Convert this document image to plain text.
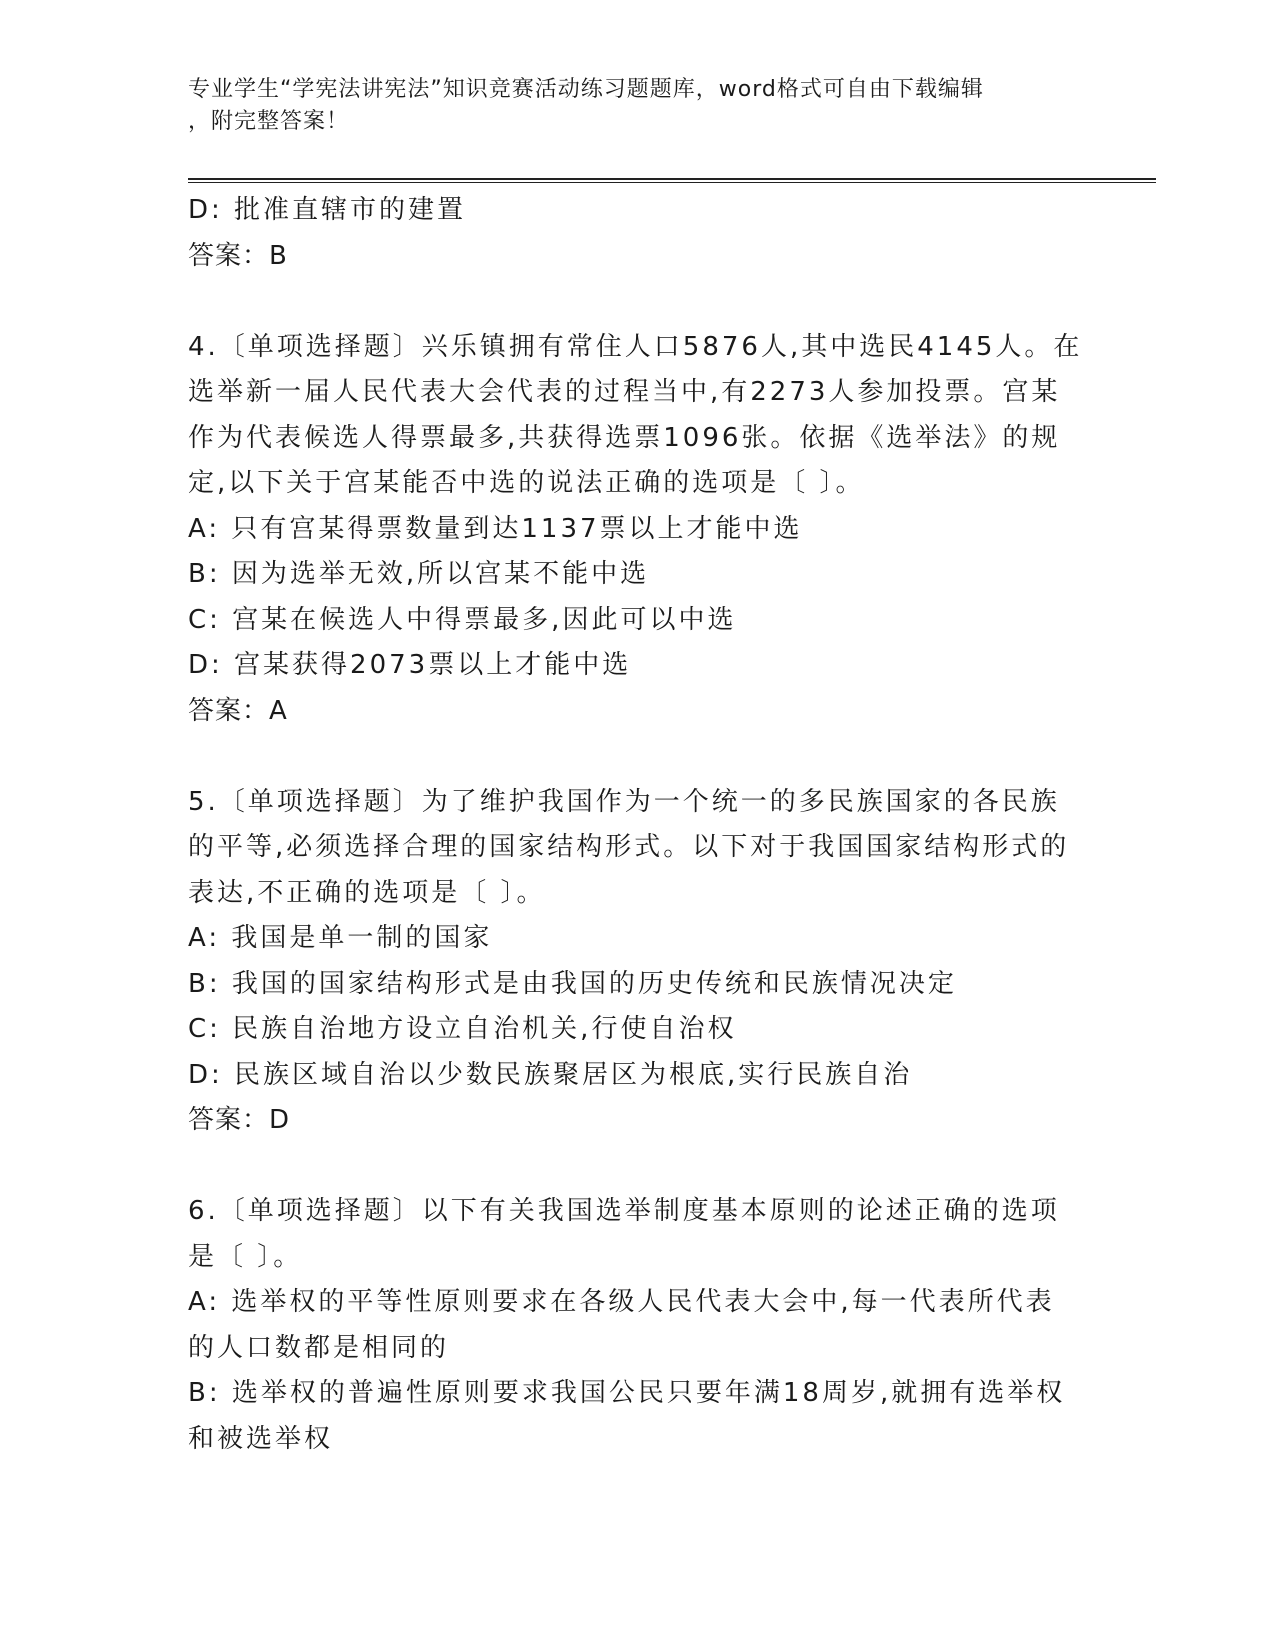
专业学生“学宪法讲宪法”知识竞赛活动练习题题库，word格式可自由下载编辑
，附完整答案！
D: 批准直辖市的建置
答案：B
4.〔单项选择题〕兴乐镇拥有常住人口5876人,其中选民4145人。在
选举新一届人民代表大会代表的过程当中,有2273人参加投票。宫某
作为代表候选人得票最多,共获得选票1096张。依据《选举法》的规
定,以下关于宫某能否中选的说法正确的选项是〔 〕。
A: 只有宫某得票数量到达1137票以上才能中选
B: 因为选举无效,所以宫某不能中选
C: 宫某在候选人中得票最多,因此可以中选
D: 宫某获得2073票以上才能中选
答案：A
5.〔单项选择题〕为了维护我国作为一个统一的多民族国家的各民族
的平等,必须选择合理的国家结构形式。以下对于我国国家结构形式的
表达,不正确的选项是〔 〕。
A: 我国是单一制的国家
B: 我国的国家结构形式是由我国的历史传统和民族情况决定
C: 民族自治地方设立自治机关,行使自治权
D: 民族区域自治以少数民族聚居区为根底,实行民族自治
答案：D
6.〔单项选择题〕以下有关我国选举制度基本原则的论述正确的选项
是〔 〕。
A: 选举权的平等性原则要求在各级人民代表大会中,每一代表所代表
的人口数都是相同的
B: 选举权的普遍性原则要求我国公民只要年满18周岁,就拥有选举权
和被选举权
